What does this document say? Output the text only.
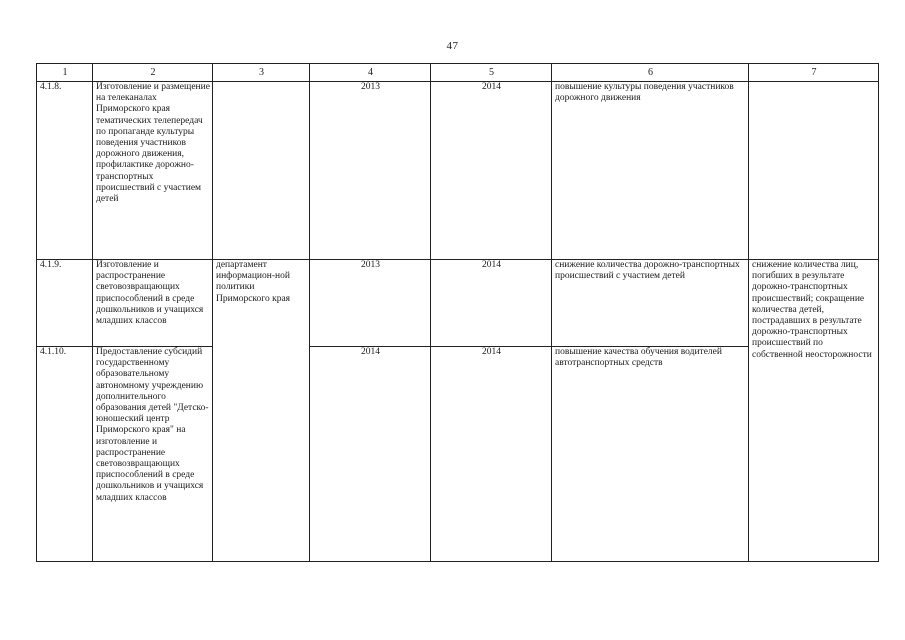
47
1	2	3	4	5	6	7
4.1.8.	Изготовление и размещение на телеканалах Приморского края тематических телепередач по пропаганде культуры поведения участников дорожного движения, профилактике дорожно-транспортных происшествий с участием детей		2013	2014	повышение культуры поведения участников дорожного движения	
4.1.9.	Изготовление и распространение световозвращающих приспособлений в среде дошкольников и учащихся младших классов	департамент информацион-ной политики Приморского края	2013	2014	снижение количества дорожно-транспортных происшествий с участием детей	снижение количества лиц, погибших в результате дорожно-транспортных происшествий; сокращение количества детей, пострадавших в результате дорожно-транспортных происшествий по собственной неосторожности
4.1.10.	Предоставление субсидий государственному образовательному автономному учреждению дополнительного образования детей "Детско-юношеский центр Приморского края" на изготовление и распространение световозвращающих приспособлений в среде дошкольников и учащихся младших классов		2014	2014	повышение качества обучения водителей автотранспортных средств	
